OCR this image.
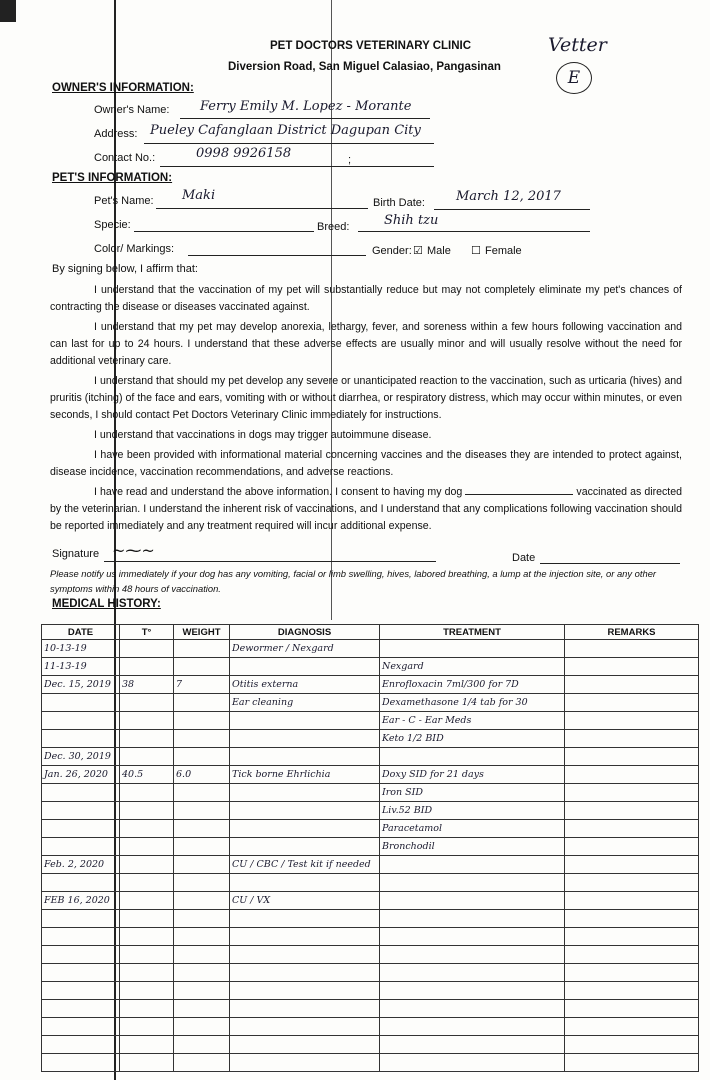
PET DOCTORS VETERINARY CLINIC
Diversion Road, San Miguel Calasiao, Pangasinan
Vetter
E
OWNER'S INFORMATION:
Owner's Name: Ferry Emily M. Lopez - Morante
Address: Pueley Cafanglaan District Dagupan City
Contact No.:	0998 9926158	;
PET'S INFORMATION:
Pet's Name: Maki	Birth Date: March 12, 2017
Specie:	Breed:	Shih tzu
Color/ Markings:	Gender: ☑ Male ☐ Female
By signing below, I affirm that:

I understand that the vaccination of my pet will substantially reduce but may not completely eliminate my pet's chances of contracting the disease or diseases vaccinated against.

I understand that my pet may develop anorexia, lethargy, fever, and soreness within a few hours following vaccination and can last for up to 24 hours. I understand that these adverse effects are usually minor and will usually resolve without the need for additional veterinary care.

I understand that should my pet develop any severe or unanticipated reaction to the vaccination, such as urticaria (hives) and pruritis (itching) of the face and ears, vomiting with or without diarrhea, or respiratory distress, which may occur within minutes, or even seconds, I should contact Pet Doctors Veterinary Clinic immediately for instructions.

I understand that vaccinations in dogs may trigger autoimmune disease.

I have been provided with informational material concerning vaccines and the diseases they are intended to protect against, disease incidence, vaccination recommendations, and adverse reactions.

I have read and understand the above information. I consent to having my dog	vaccinated as directed by the veterinarian. I understand the inherent risk of vaccinations, and I understand that any complications following vaccination should be reported immediately and any treatment required will incur additional expense.

Signature ~⁓~	Date
Please notify us immediately if your dog has any vomiting, facial or limb swelling, hives, labored breathing, a lump at the injection site, or any other symptoms within 48 hours of vaccination.
MEDICAL HISTORY:
DATE	T°	WEIGHT	DIAGNOSIS	TREATMENT	REMARKS
10-13-19			Dewormer / Nexgard		
11-13-19				Nexgard	
Dec. 15, 2019	38	7	Otitis externa	Enrofloxacin 7ml/300 for 7D	
			Ear cleaning	Dexamethasone 1/4 tab for 30	
				Ear - C - Ear Meds	
				Keto 1/2 BID	
Dec. 30, 2019					
Jan. 26, 2020	40.5	6.0	Tick borne Ehrlichia	Doxy SID for 21 days	
				Iron SID	
				Liv.52 BID	
				Paracetamol	
				Bronchodil	
Feb. 2, 2020			CU / CBC / Test kit if needed		

FEB 16, 2020			CU / VX		
